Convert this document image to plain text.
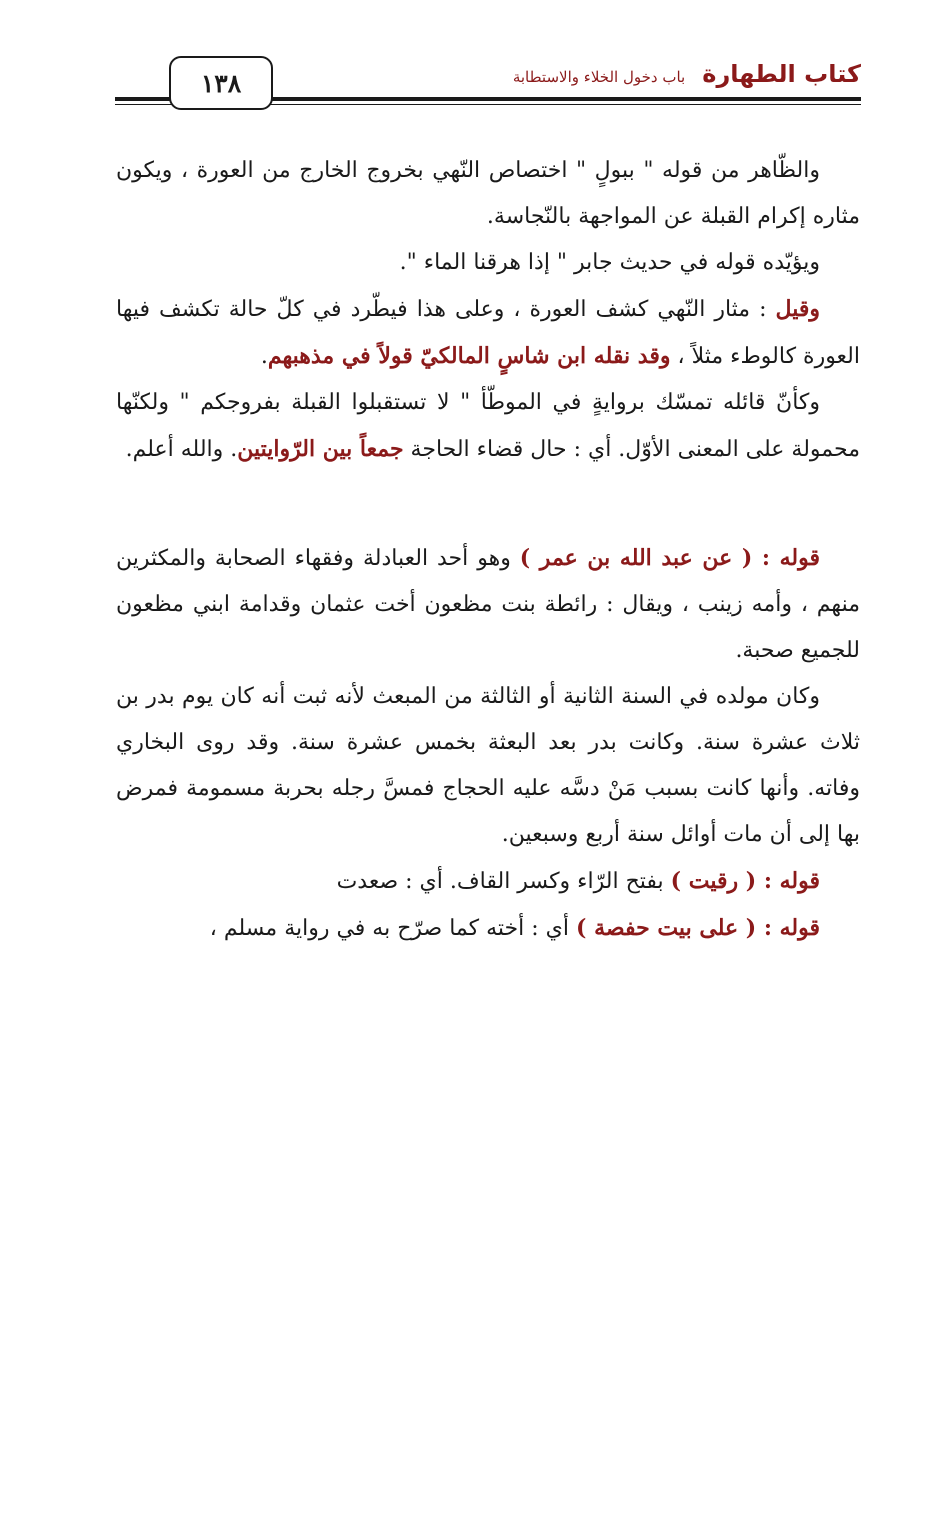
١٣٨	كتاب الطهارة باب دخول الخلاء والاستطابة

والظّاهر من قوله " ببولٍ " اختصاص النّهي بخروج الخارج من العورة ، ويكون مثاره إكرام القبلة عن المواجهة بالنّجاسة.

ويؤيّده قوله في حديث جابر " إذا هرقنا الماء ".

وقيل : مثار النّهي كشف العورة ، وعلى هذا فيطّرد في كلّ حالة تكشف فيها العورة كالوطء مثلاً ، وقد نقله ابن شاسٍ المالكيّ قولاً في مذهبهم.

وكأنّ قائله تمسّك بروايةٍ في الموطّأ " لا تستقبلوا القبلة بفروجكم " ولكنّها محمولة على المعنى الأوّل. أي : حال قضاء الحاجة جمعاً بين الرّوايتين. والله أعلم.

قوله : ( عن عبد الله بن عمر ) وهو أحد العبادلة وفقهاء الصحابة والمكثرين منهم ، وأمه زينب ، ويقال : رائطة بنت مظعون أخت عثمان وقدامة ابني مظعون للجميع صحبة.

وكان مولده في السنة الثانية أو الثالثة من المبعث لأنه ثبت أنه كان يوم بدر بن ثلاث عشرة سنة. وكانت بدر بعد البعثة بخمس عشرة سنة. وقد روى البخاري وفاته. وأنها كانت بسبب مَنْ دسَّه عليه الحجاج فمسَّ رجله بحربة مسمومة فمرض بها إلى أن مات أوائل سنة أربع وسبعين.

قوله : ( رقيت ) بفتح الرّاء وكسر القاف. أي : صعدت

قوله : ( على بيت حفصة ) أي : أخته كما صرّح به في رواية مسلم ،
